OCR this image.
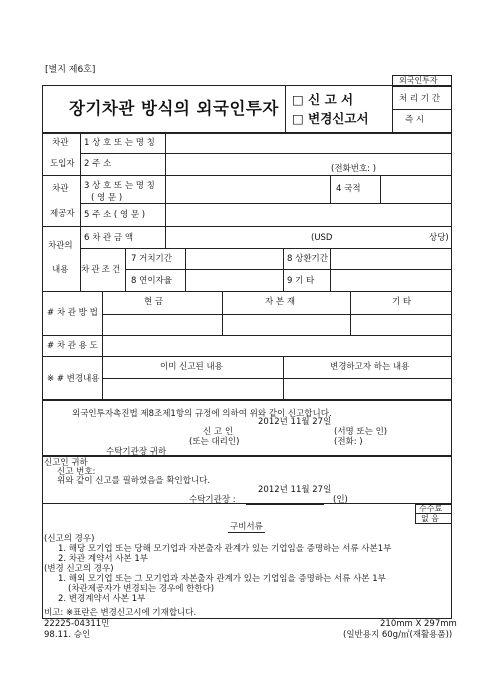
[별지 제6호]
장기차관 방식의 외국인투자 □ 신 고 서
□ 변경신고서
외국인투자
처 리 기 간
즉 시
차관
도입자
1 상 호 또 는 명 칭
2 주 소	(전화번호: )
차관
제공자
3 상 호 또 는 명 칭
( 영 문 )
4 국적
5 주 소 ( 영 문 )
차관의
내용
6 차 관 금 액	(USD	상당)
차 관 조 건
7 거치기간	8 상환기간
8 연이자율	9 기 타
# 차 관 방 법
현 금	자 본 재	기 타
# 차 관 용 도
※ # 변경내용
이미 신고된 내용	변경하고자 하는 내용
외국인투자촉진법 제8조제1항의 규정에 의하여 위와 같이 신고합니다.
2012년 11월 27일
신 고 인
(또는 대리인)
(서명 또는 인)
(전화: )
수탁기관장 귀하
신고인 귀하
신고 번호:
위와 같이 신고를 필하였음을 확인합니다.
2012년 11월 27일
수탁기관장 :	(인)
수수료
없 음
구비서류
(신고의 경우)
1. 해당 모기업 또는 당해 모기업과 자본출자 관계가 있는 기업임을 증명하는 서류 사본1부
2. 차관 계약서 사본 1부
(변경 신고의 경우)
1. 해외 모기업 또는 그 모기업과 자본출자 관계가 있는 기업임을 증명하는 서류 사본 1부
(차관제공자가 변경되는 경우에 한한다)
2. 변경계약서 사본 1부
비고: ※표란은 변경신고시에 기재합니다.
22225-04311민
98.11. 승인
210mm X 297mm
(일반용지 60g/㎡(재활용품))
